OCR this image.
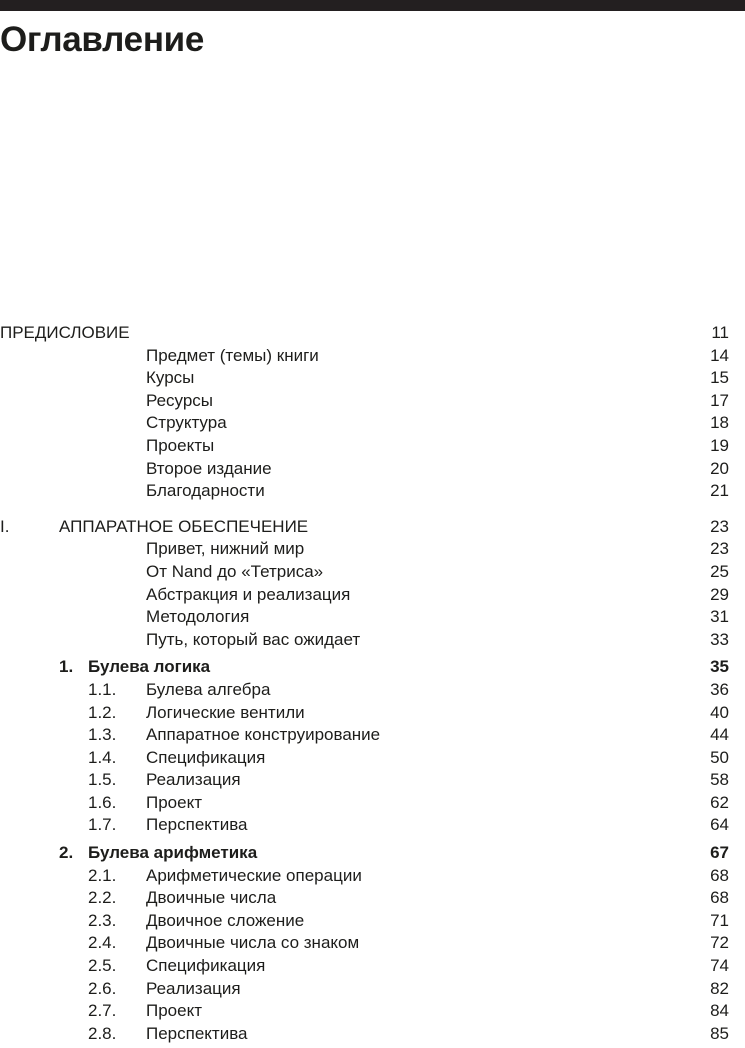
Оглавление
ПРЕДИСЛОВИЕ	11
Предмет (темы) книги	14
Курсы	15
Ресурсы	17
Структура	18
Проекты	19
Второе издание	20
Благодарности	21
I.	АППАРАТНОЕ ОБЕСПЕЧЕНИЕ	23
Привет, нижний мир	23
От Nand до «Тетриса»	25
Абстракция и реализация	29
Методология	31
Путь, который вас ожидает	33
1. Булева логика	35
1.1. Булева алгебра	36
1.2. Логические вентили	40
1.3. Аппаратное конструирование	44
1.4. Спецификация	50
1.5. Реализация	58
1.6. Проект	62
1.7. Перспектива	64
2. Булева арифметика	67
2.1. Арифметические операции	68
2.2. Двоичные числа	68
2.3. Двоичное сложение	71
2.4. Двоичные числа со знаком	72
2.5. Спецификация	74
2.6. Реализация	82
2.7. Проект	84
2.8. Перспектива	85
